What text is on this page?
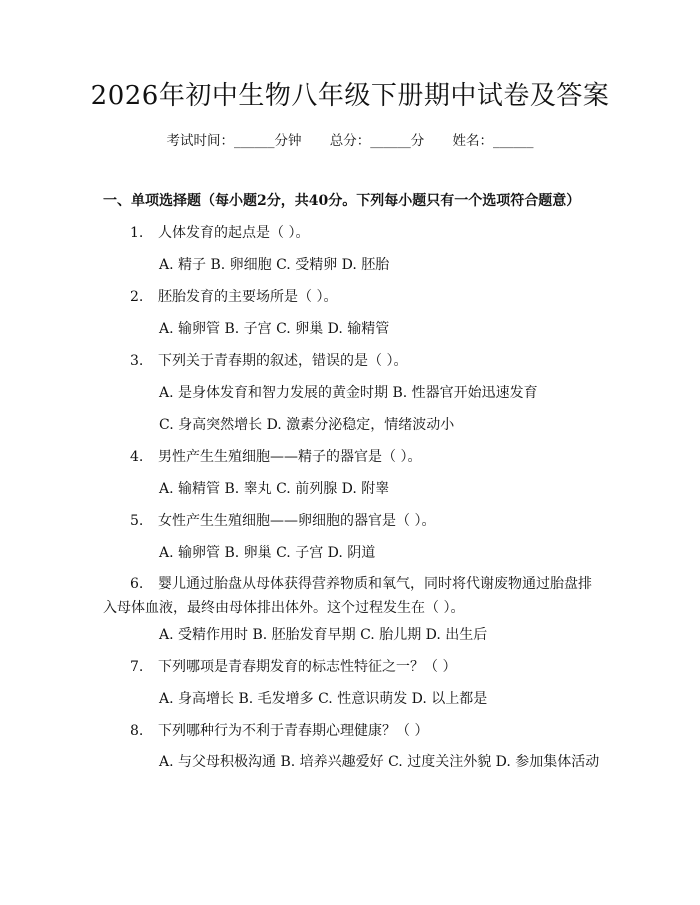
2026年初中生物八年级下册期中试卷及答案
考试时间：______分钟 总分：______分 姓名：______
一、单项选择题（每小题2分，共40分。下列每小题只有一个选项符合题意）
1. 人体发育的起点是（ ）。
A. 精子 B. 卵细胞 C. 受精卵 D. 胚胎
2. 胚胎发育的主要场所是（ ）。
A. 输卵管 B. 子宫 C. 卵巢 D. 输精管
3. 下列关于青春期的叙述，错误的是（ ）。
A. 是身体发育和智力发展的黄金时期 B. 性器官开始迅速发育
C. 身高突然增长 D. 激素分泌稳定，情绪波动小
4. 男性产生生殖细胞——精子的器官是（ ）。
A. 输精管 B. 睾丸 C. 前列腺 D. 附睾
5. 女性产生生殖细胞——卵细胞的器官是（ ）。
A. 输卵管 B. 卵巢 C. 子宫 D. 阴道
6. 婴儿通过胎盘从母体获得营养物质和氧气，同时将代谢废物通过胎盘排入母体血液，最终由母体排出体外。这个过程发生在（ ）。
A. 受精作用时 B. 胚胎发育早期 C. 胎儿期 D. 出生后
7. 下列哪项是青春期发育的标志性特征之一？（ ）
A. 身高增长 B. 毛发增多 C. 性意识萌发 D. 以上都是
8. 下列哪种行为不利于青春期心理健康？（ ）
A. 与父母积极沟通 B. 培养兴趣爱好 C. 过度关注外貌 D. 参加集体活动
